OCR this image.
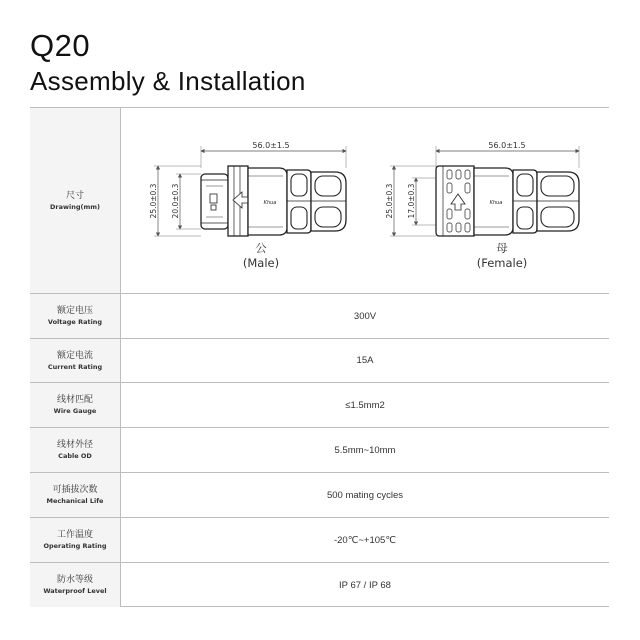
Q20
Assembly & Installation
尺寸
Drawing(mm)
56.0±1.5
25.0±0.3 20.0±0.3	Khua
56.0±1.5
25.0±0.3 17.0±0.3	Khua
公
(Male)
母
(Female)
额定电压
Voltage Rating
300V
额定电流
Current Rating
15A
线材匹配
Wire Gauge
≤1.5mm2
线材外径
Cable OD
5.5mm~10mm
可插拔次数
Mechanical Life
500 mating cycles
工作温度
Operating Rating
-20℃~+105℃
防水等级
Waterproof Level
IP 67 / IP 68
